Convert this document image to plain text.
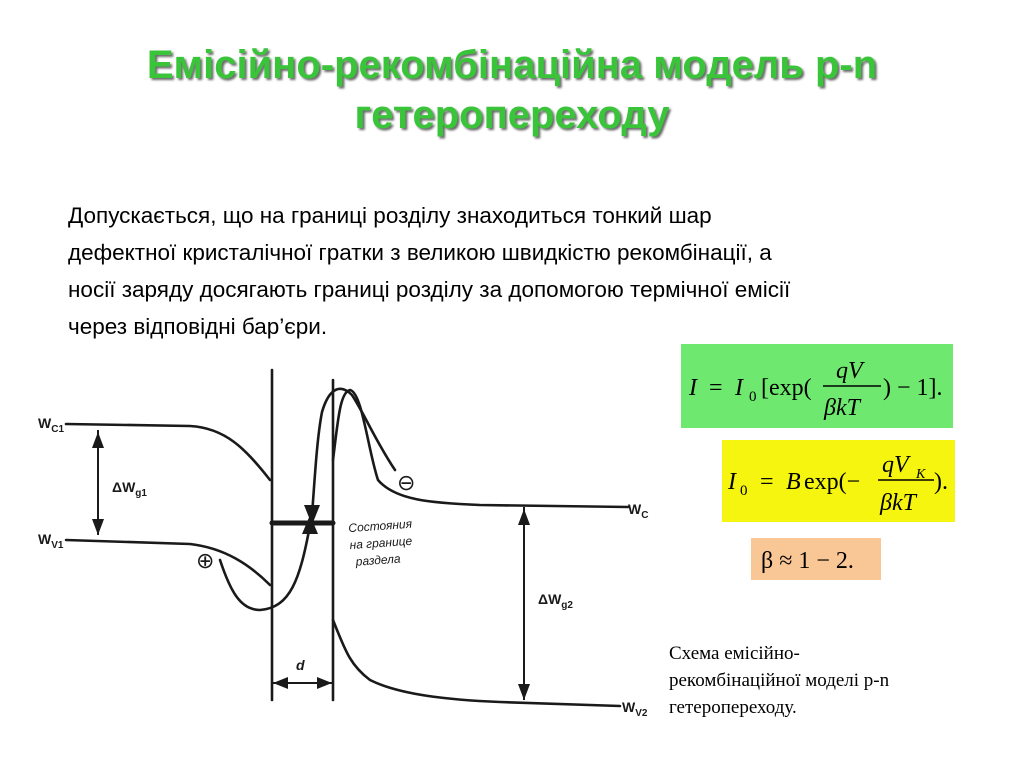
Емісійно-рекомбінаційна модель p-n
гетеропереходу
Допускається, що на границі розділу знаходиться тонкий шар
дефектної кристалічної гратки з великою швидкістю рекомбінації, а
носії заряду досягають границі розділу за допомогою термічної емісії
через відповідні бар’єри.
$W_{C1}$
$W_{V1}$
$\Delta W_{g1}$
$W_C$
$W_{V2}$
$\Delta W_{g2}$
d
⊖
⊕
Состояния
на границе
раздела
I = I 0 [exp(
qV
βkT
) − 1].
I 0 = B exp(−
qV K
βkT
).
β ≈ 1 − 2.
Схема емісійно-
рекомбінаційної моделі p-n
гетеропереходу.
